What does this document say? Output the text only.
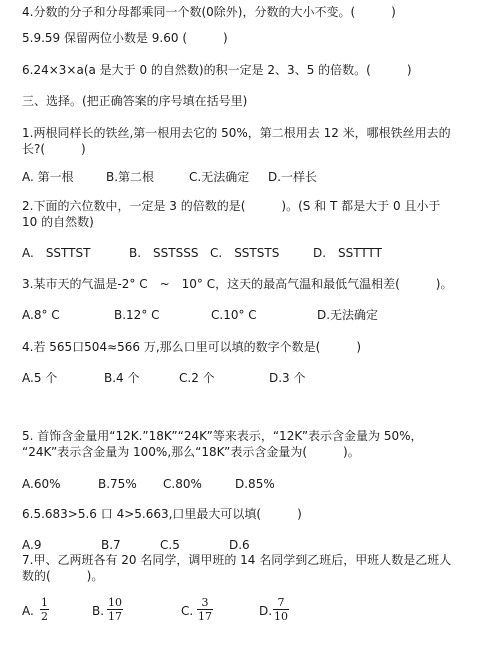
4.分数的分子和分母都乘同一个数(0除外)，分数的大小不变。(　　　)
5.9.59 保留两位小数是 9.60 (　　　)
6.24×3×a(a 是大于 0 的自然数)的积一定是 2、3、5 的倍数。(　　　)
三、选择。(把正确答案的序号填在括号里)
1.两根同样长的铁丝,第一根用去它的 50%，第二根用去 12 米，哪根铁丝用去的
长?(　　　)
A. 第一根	B.第二根	C.无法确定 D.一样长
2.下面的六位数中，一定是 3 的倍数的是(　　　)。(S 和 T 都是大于 0 且小于
10 的自然数)
A.　SSTTST	B.　SSTSSS C.　SSTSTS	D.　SSTTTT
3.某市天的气温是-2° C　~　10° C，这天的最高气温和最低气温相差(　　　)。
A.8° C	B.12° C	C.10° C	D.无法确定
4.若 565口504≈566 万,那么口里可以填的数字个数是(　　　)
A.5 个	B.4 个	C.2 个	D.3 个
5. 首饰含金量用“12K.”18K”“24K”等来表示，“12K”表示含金量为 50%，
“24K”表示含金量为 100%,那么“18K”表示含金量为(　　　)。
A.60%	B.75% C.80%	D.85%
6.5.683>5.6 口 4>5.663,口里最大可以填(　　　)
A.9	B.7	C.5	D.6
7.甲、乙两班各有 20 名同学，调甲班的 14 名同学到乙班后，甲班人数是乙班人
数的(　　　)。
A.
1
2	B.
10
17	C.
3
17	D.
7
10
